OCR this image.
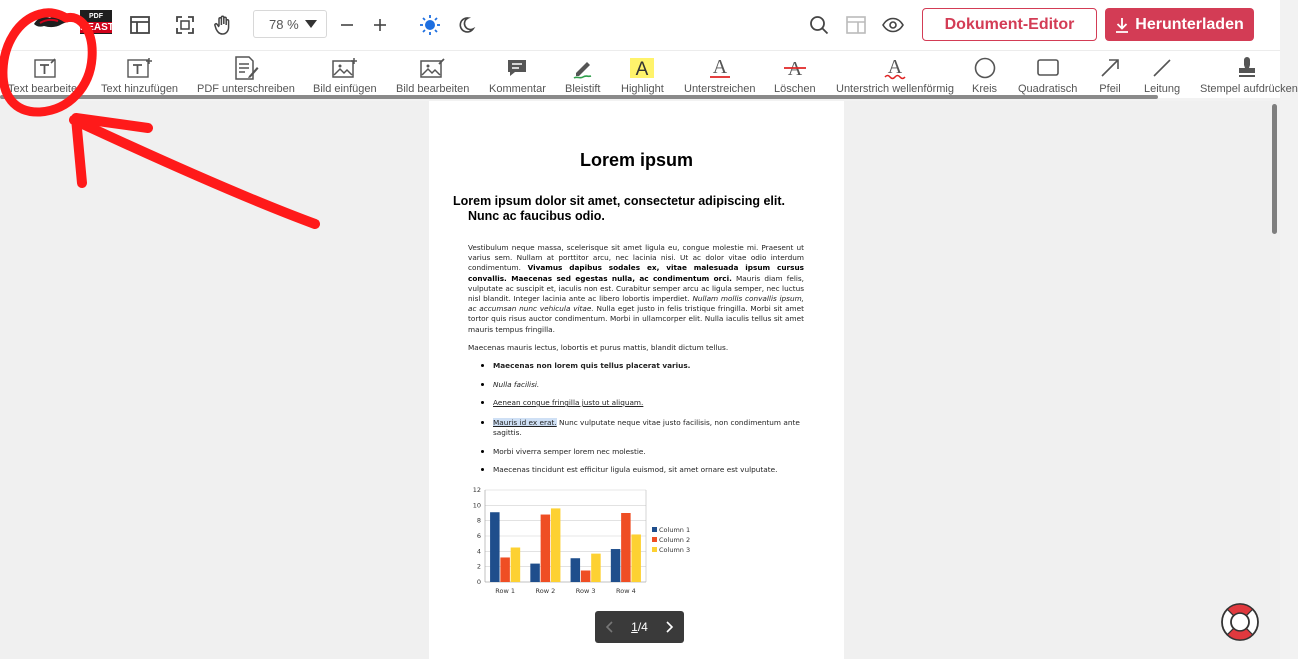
PDF
BEAST	78 %	Dokument-Editor	Herunterladen
Text bearbeiten Text hinzufügen PDF unterschreiben Bild einfügen Bild bearbeiten Kommentar Bleistift
A
Highlight
A
Unterstreichen
A
Löschen
A
Unterstrich wellenförmig Kreis Quadratisch Pfeil Leitung Stempel aufdrücken
Lorem ipsum
Lorem ipsum dolor sit amet, consectetur adipiscing elit.
Nunc ac faucibus odio.
Vestibulum neque massa, scelerisque sit amet ligula eu, congue molestie mi. Praesent ut varius sem. Nullam at porttitor arcu, nec lacinia nisi. Ut ac dolor vitae odio interdum condimentum. Vivamus dapibus sodales ex, vitae malesuada ipsum cursus convallis. Maecenas sed egestas nulla, ac condimentum orci. Mauris diam felis, vulputate ac suscipit et, iaculis non est. Curabitur semper arcu ac ligula semper, nec luctus nisl blandit. Integer lacinia ante ac libero lobortis imperdiet. Nullam mollis convallis ipsum, ac accumsan nunc vehicula vitae. Nulla eget justo in felis tristique fringilla. Morbi sit amet tortor quis risus auctor condimentum. Morbi in ullamcorper elit. Nulla iaculis tellus sit amet mauris tempus fringilla.
Maecenas mauris lectus, lobortis et purus mattis, blandit dictum tellus.
Maecenas non lorem quis tellus placerat varius.
Nulla facilisi.
Aenean congue fringilla justo ut aliquam.
Mauris id ex erat. Nunc vulputate neque vitae justo facilisis, non condimentum ante sagittis.
Morbi viverra semper lorem nec molestie.
Maecenas tincidunt est efficitur ligula euismod, sit amet ornare est vulputate.
0
2
4
6
8
10
12
Row 1	Row 2	Row 3	Row 4
Column 1
Column 2
Column 3
1/4
